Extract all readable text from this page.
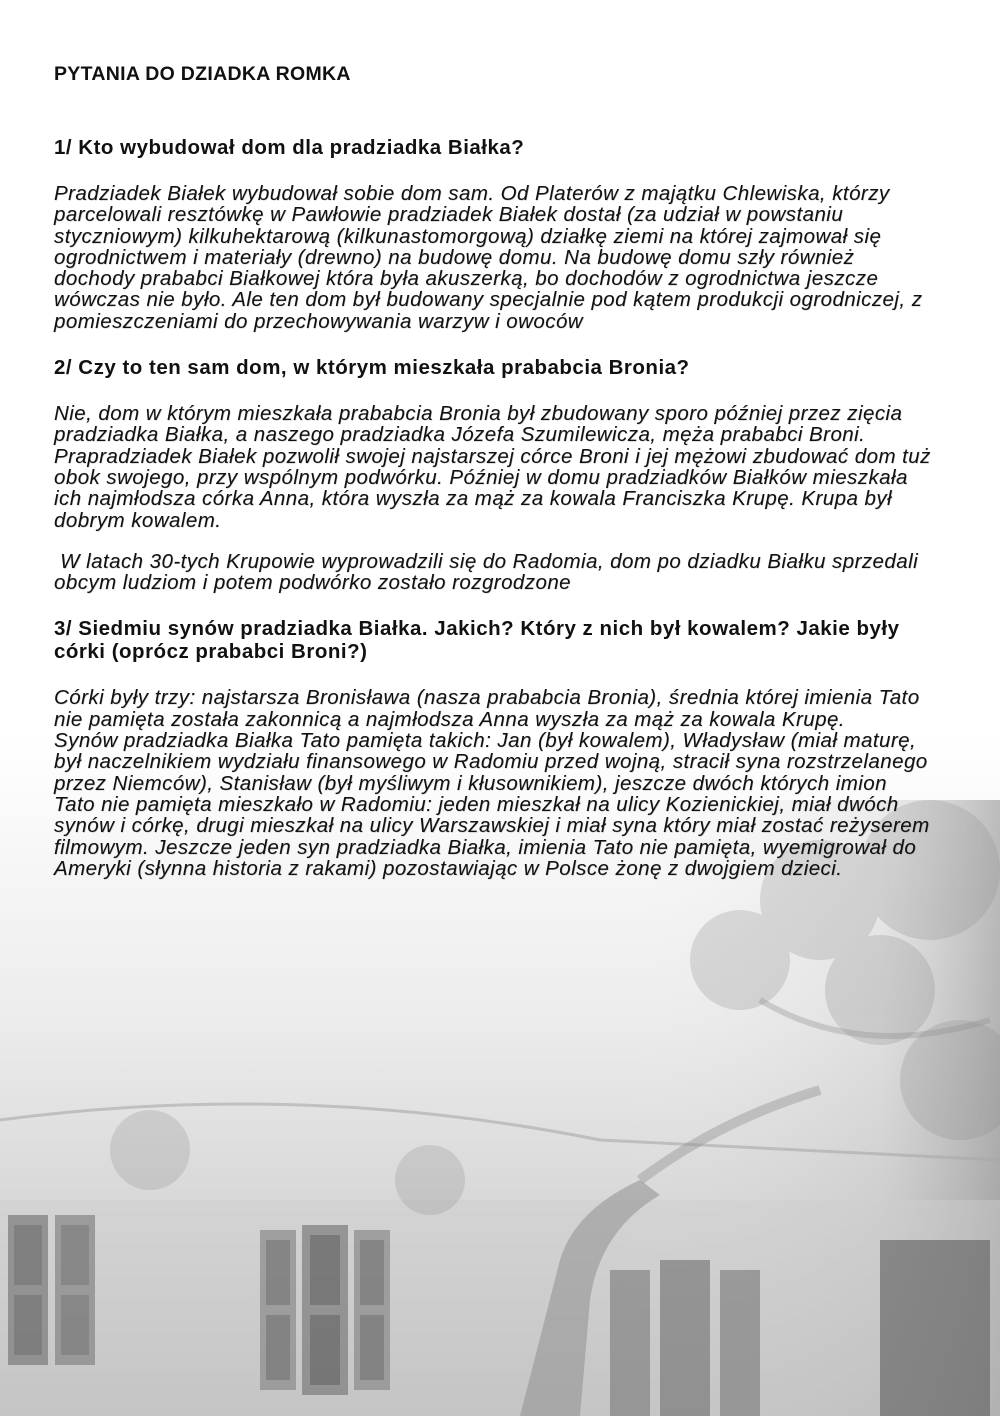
PYTANIA DO DZIADKA ROMKA
1/ Kto wybudował dom dla pradziadka Białka?

Pradziadek Białek wybudował sobie dom sam. Od Platerów z majątku Chlewiska, którzy parcelowali resztówkę w Pawłowie pradziadek Białek dostał (za udział w powstaniu styczniowym) kilkuhektarową (kilkunastomorgową) działkę ziemi na której zajmował się ogrodnictwem i materiały (drewno) na budowę domu. Na budowę domu szły również dochody prababci Białkowej która była akuszerką, bo dochodów z ogrodnictwa jeszcze wówczas nie było. Ale ten dom był budowany specjalnie pod kątem produkcji ogrodniczej, z pomieszczeniami do przechowywania warzyw i owoców

2/ Czy to ten sam dom, w którym mieszkała prababcia Bronia?

Nie, dom w którym mieszkała prababcia Bronia był zbudowany sporo później przez zięcia pradziadka Białka, a naszego pradziadka Józefa Szumilewicza, męża prababci Broni. Prapradziadek Białek pozwolił swojej najstarszej córce Broni i jej mężowi zbudować dom tuż obok swojego, przy wspólnym podwórku. Później w domu pradziadków Białków mieszkała ich najmłodsza córka Anna, która wyszła za mąż za kowala Franciszka Krupę. Krupa był dobrym kowalem.

W latach 30-tych Krupowie wyprowadzili się do Radomia, dom po dziadku Białku sprzedali obcym ludziom i potem podwórko zostało rozgrodzone

3/ Siedmiu synów pradziadka Białka. Jakich? Który z nich był kowalem? Jakie były córki (oprócz prababci Broni?)

Córki były trzy: najstarsza Bronisława (nasza prababcia Bronia), średnia której imienia Tato nie pamięta została zakonnicą a najmłodsza Anna wyszła za mąż za kowala Krupę.

Synów pradziadka Białka Tato pamięta takich: Jan (był kowalem), Władysław (miał maturę, był naczelnikiem wydziału finansowego w Radomiu przed wojną, stracił syna rozstrzelanego przez Niemców), Stanisław (był myśliwym i kłusownikiem), jeszcze dwóch których imion Tato nie pamięta mieszkało w Radomiu: jeden mieszkał na ulicy Kozienickiej, miał dwóch synów i córkę, drugi mieszkał na ulicy Warszawskiej i miał syna który miał zostać reżyserem filmowym. Jeszcze jeden syn pradziadka Białka, imienia Tato nie pamięta, wyemigrował do Ameryki (słynna historia z rakami) pozostawiając w Polsce żonę z dwojgiem dzieci.
